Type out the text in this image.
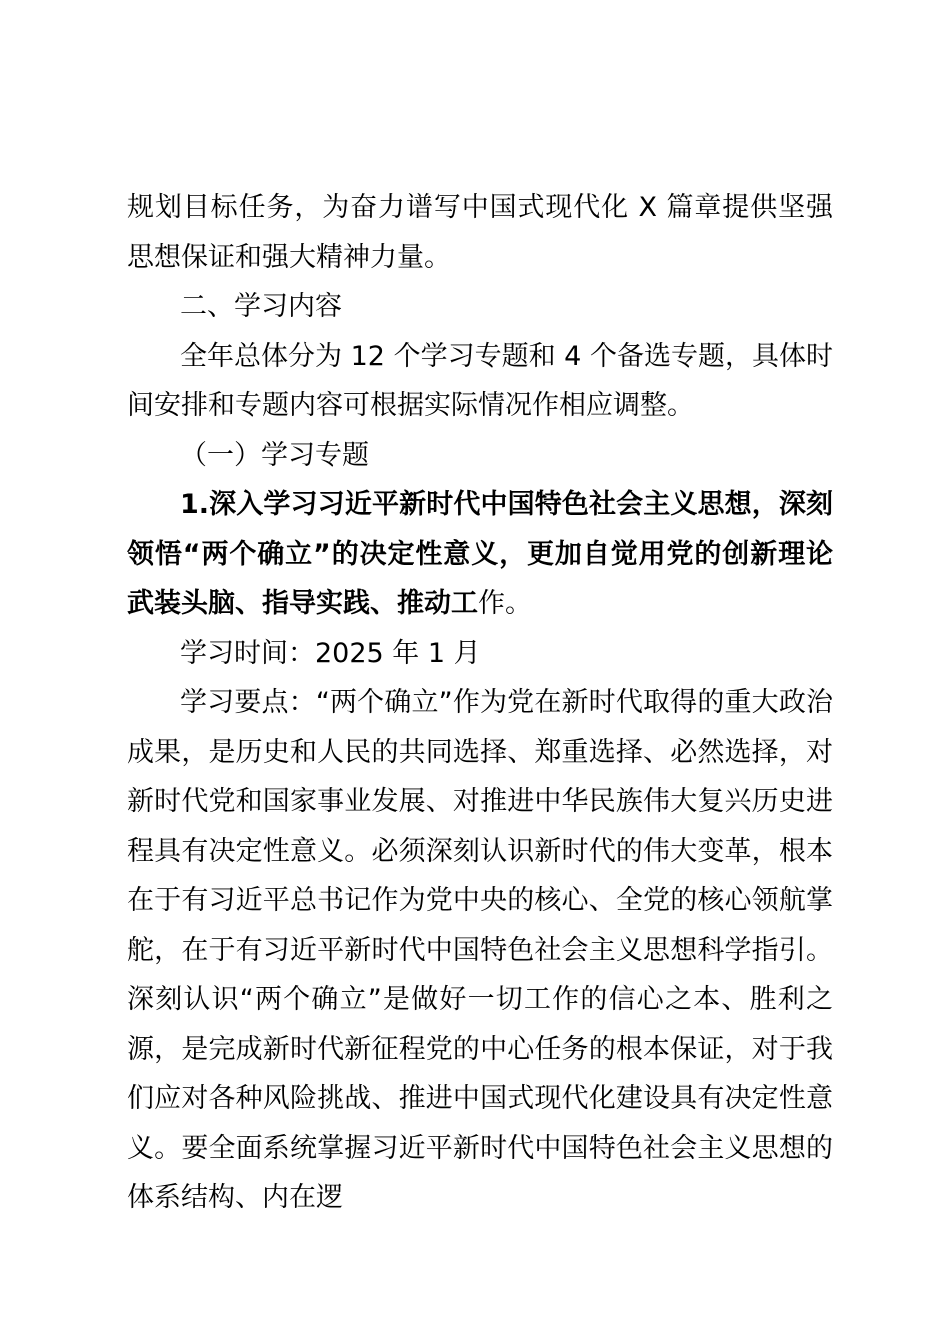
规划目标任务，为奋力谱写中国式现代化 X 篇章提供坚强思想保证和强大精神力量。

二、学习内容

全年总体分为 12 个学习专题和 4 个备选专题，具体时间安排和专题内容可根据实际情况作相应调整。

（一）学习专题

1.深入学习习近平新时代中国特色社会主义思想，深刻领悟“两个确立”的决定性意义，更加自觉用党的创新理论武装头脑、指导实践、推动工作。

学习时间：2025 年 1 月

学习要点：“两个确立”作为党在新时代取得的重大政治成果，是历史和人民的共同选择、郑重选择、必然选择，对新时代党和国家事业发展、对推进中华民族伟大复兴历史进程具有决定性意义。必须深刻认识新时代的伟大变革，根本在于有习近平总书记作为党中央的核心、全党的核心领航掌舵，在于有习近平新时代中国特色社会主义思想科学指引。深刻认识“两个确立”是做好一切工作的信心之本、胜利之源，是完成新时代新征程党的中心任务的根本保证，对于我们应对各种风险挑战、推进中国式现代化建设具有决定性意义。要全面系统掌握习近平新时代中国特色社会主义思想的体系结构、内在逻
